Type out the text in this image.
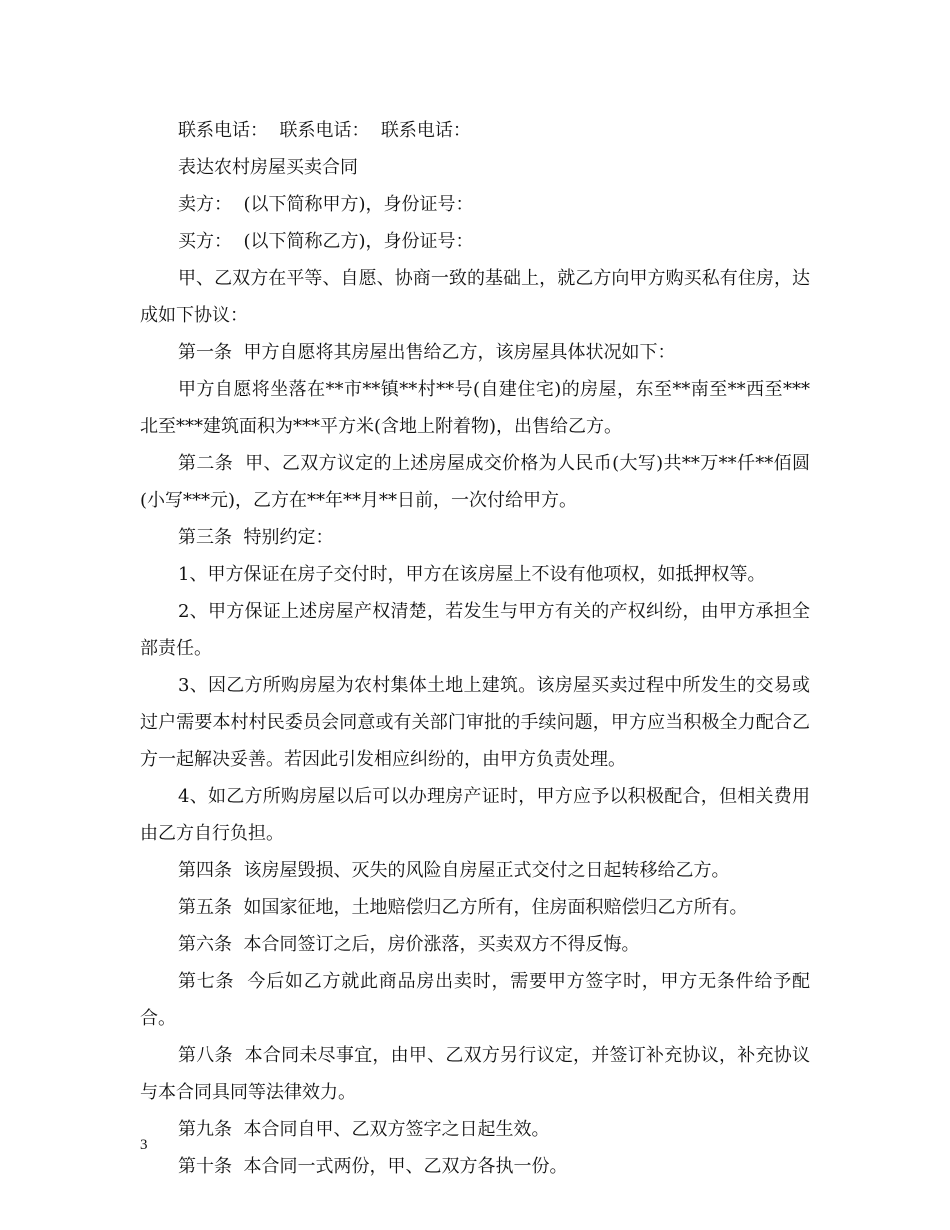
联系电话：  联系电话：  联系电话：

表达农村房屋买卖合同

卖方：  (以下简称甲方)，身份证号：

买方：  (以下简称乙方)，身份证号：

甲、乙双方在平等、自愿、协商一致的基础上，就乙方向甲方购买私有住房，达成如下协议：

第一条  甲方自愿将其房屋出售给乙方，该房屋具体状况如下：

甲方自愿将坐落在**市**镇**村**号(自建住宅)的房屋，东至**南至**西至***北至***建筑面积为***平方米(含地上附着物)，出售给乙方。

第二条  甲、乙双方议定的上述房屋成交价格为人民币(大写)共**万**仟**佰圆(小写***元)，乙方在**年**月**日前，一次付给甲方。

第三条  特别约定：

1、甲方保证在房子交付时，甲方在该房屋上不设有他项权，如抵押权等。

2、甲方保证上述房屋产权清楚，若发生与甲方有关的产权纠纷，由甲方承担全部责任。

3、因乙方所购房屋为农村集体土地上建筑。该房屋买卖过程中所发生的交易或过户需要本村村民委员会同意或有关部门审批的手续问题，甲方应当积极全力配合乙方一起解决妥善。若因此引发相应纠纷的，由甲方负责处理。

4、如乙方所购房屋以后可以办理房产证时，甲方应予以积极配合，但相关费用由乙方自行负担。

第四条  该房屋毁损、灭失的风险自房屋正式交付之日起转移给乙方。

第五条  如国家征地，土地赔偿归乙方所有，住房面积赔偿归乙方所有。

第六条  本合同签订之后，房价涨落，买卖双方不得反悔。

第七条  今后如乙方就此商品房出卖时，需要甲方签字时，甲方无条件给予配合。

第八条  本合同未尽事宜，由甲、乙双方另行议定，并签订补充协议，补充协议与本合同具同等法律效力。

第九条  本合同自甲、乙双方签字之日起生效。

第十条  本合同一式两份，甲、乙双方各执一份。

3
